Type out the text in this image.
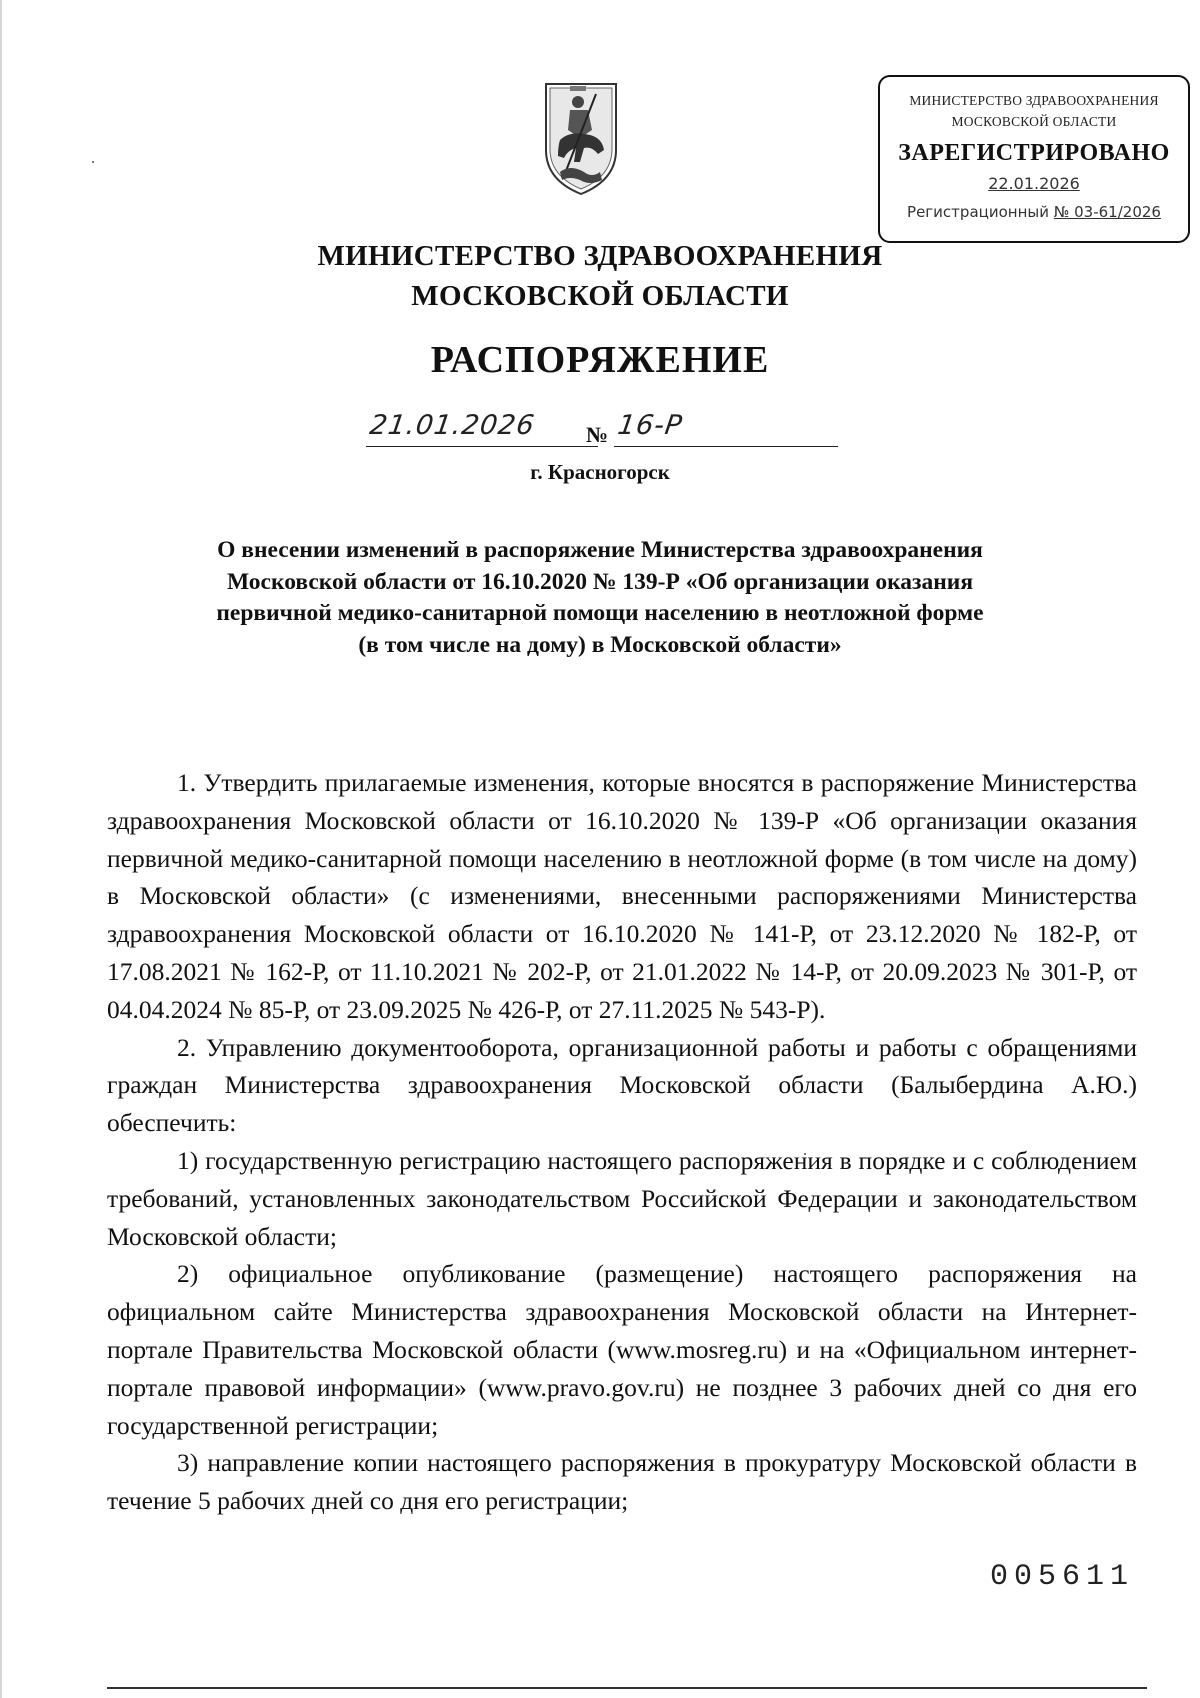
МИНИСТЕРСТВО ЗДРАВООХРАНЕНИЯ
МОСКОВСКОЙ ОБЛАСТИ
ЗАРЕГИСТРИРОВАНО
22.01.2026
Регистрационный № 03-61/2026
МИНИСТЕРСТВО ЗДРАВООХРАНЕНИЯ
МОСКОВСКОЙ ОБЛАСТИ
РАСПОРЯЖЕНИЕ
21.01.2026 № 16-Р
г. Красногорск
О внесении изменений в распоряжение Министерства здравоохранения
Московской области от 16.10.2020 № 139-Р «Об организации оказания
первичной медико-санитарной помощи населению в неотложной форме
(в том числе на дому) в Московской области»

1. Утвердить прилагаемые изменения, которые вносятся в распоряжение Министерства здравоохранения Московской области от 16.10.2020 № 139-Р «Об организации оказания первичной медико-санитарной помощи населению в неотложной форме (в том числе на дому) в Московской области» (с изменениями, внесенными распоряжениями Министерства здравоохранения Московской области от 16.10.2020 № 141-Р, от 23.12.2020 № 182-Р, от 17.08.2021 № 162-Р, от 11.10.2021 № 202-Р, от 21.01.2022 № 14-Р, от 20.09.2023 № 301-Р, от 04.04.2024 № 85-Р, от 23.09.2025 № 426-Р, от 27.11.2025 № 543-Р).

2. Управлению документооборота, организационной работы и работы с обращениями граждан Министерства здравоохранения Московской области (Балыбердина А.Ю.) обеспечить:

1) государственную регистрацию настоящего распоряжения в порядке и с соблюдением требований, установленных законодательством Российской Федерации и законодательством Московской области;

2) официальное опубликование (размещение) настоящего распоряжения на официальном сайте Министерства здравоохранения Московской области на Интернет-портале Правительства Московской области (www.mosreg.ru) и на «Официальном интернет-портале правовой информации» (www.pravo.gov.ru) не позднее 3 рабочих дней со дня его государственной регистрации;

3) направление копии настоящего распоряжения в прокуратуру Московской области в течение 5 рабочих дней со дня его регистрации;

005611
